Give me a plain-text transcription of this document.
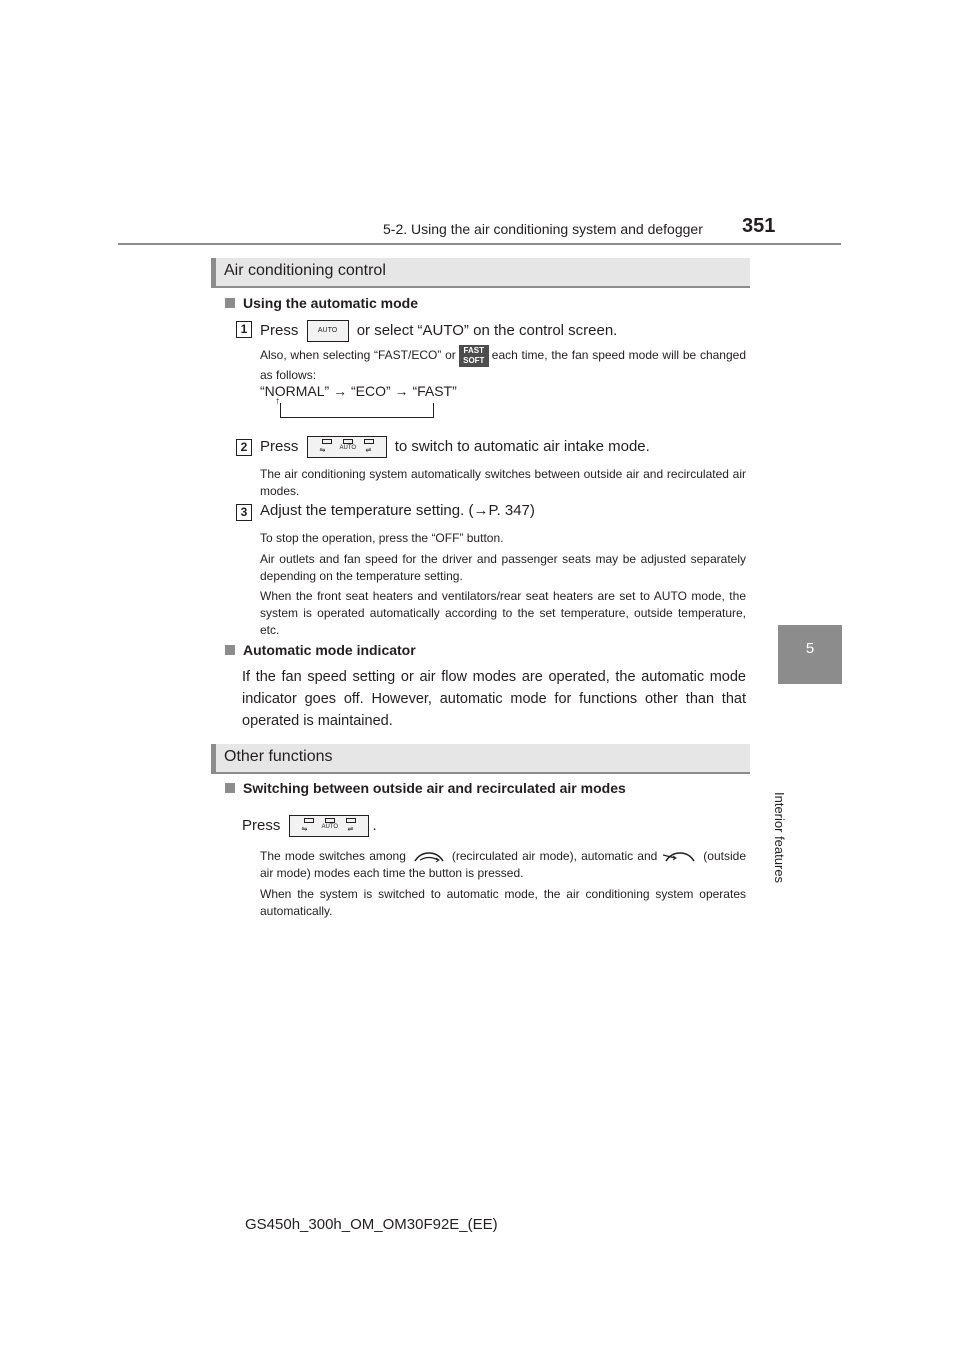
5-2. Using the air conditioning system and defogger 351
5
Interior features
Air conditioning control
Using the automatic mode
1 Press	AUTO or select “AUTO” on the control screen.
Also, when selecting “FAST/ECO” or FAST
SOFT each time, the fan speed mode will be changed as follows:
“NORMAL” → “ECO” → “FAST”
↑
2 Press	⇋ AUTO ⇌ to switch to automatic air intake mode.
The air conditioning system automatically switches between outside air and recirculated air modes.
3 Adjust the temperature setting. (→P. 347)
To stop the operation, press the “OFF” button.
Air outlets and fan speed for the driver and passenger seats may be adjusted separately depending on the temperature setting.
When the front seat heaters and ventilators/rear seat heaters are set to AUTO mode, the system is operated automatically according to the set temperature, outside temperature, etc.
Automatic mode indicator
If the fan speed setting or air flow modes are operated, the automatic mode indicator goes off. However, automatic mode for functions other than that operated is maintained.
Other functions
Switching between outside air and recirculated air modes
Press	⇋ AUTO ⇌ .
The mode switches among	(recirculated air mode), automatic and	(outside air mode) modes each time the button is pressed.
When the system is switched to automatic mode, the air conditioning system operates automatically.
GS450h_300h_OM_OM30F92E_(EE)
